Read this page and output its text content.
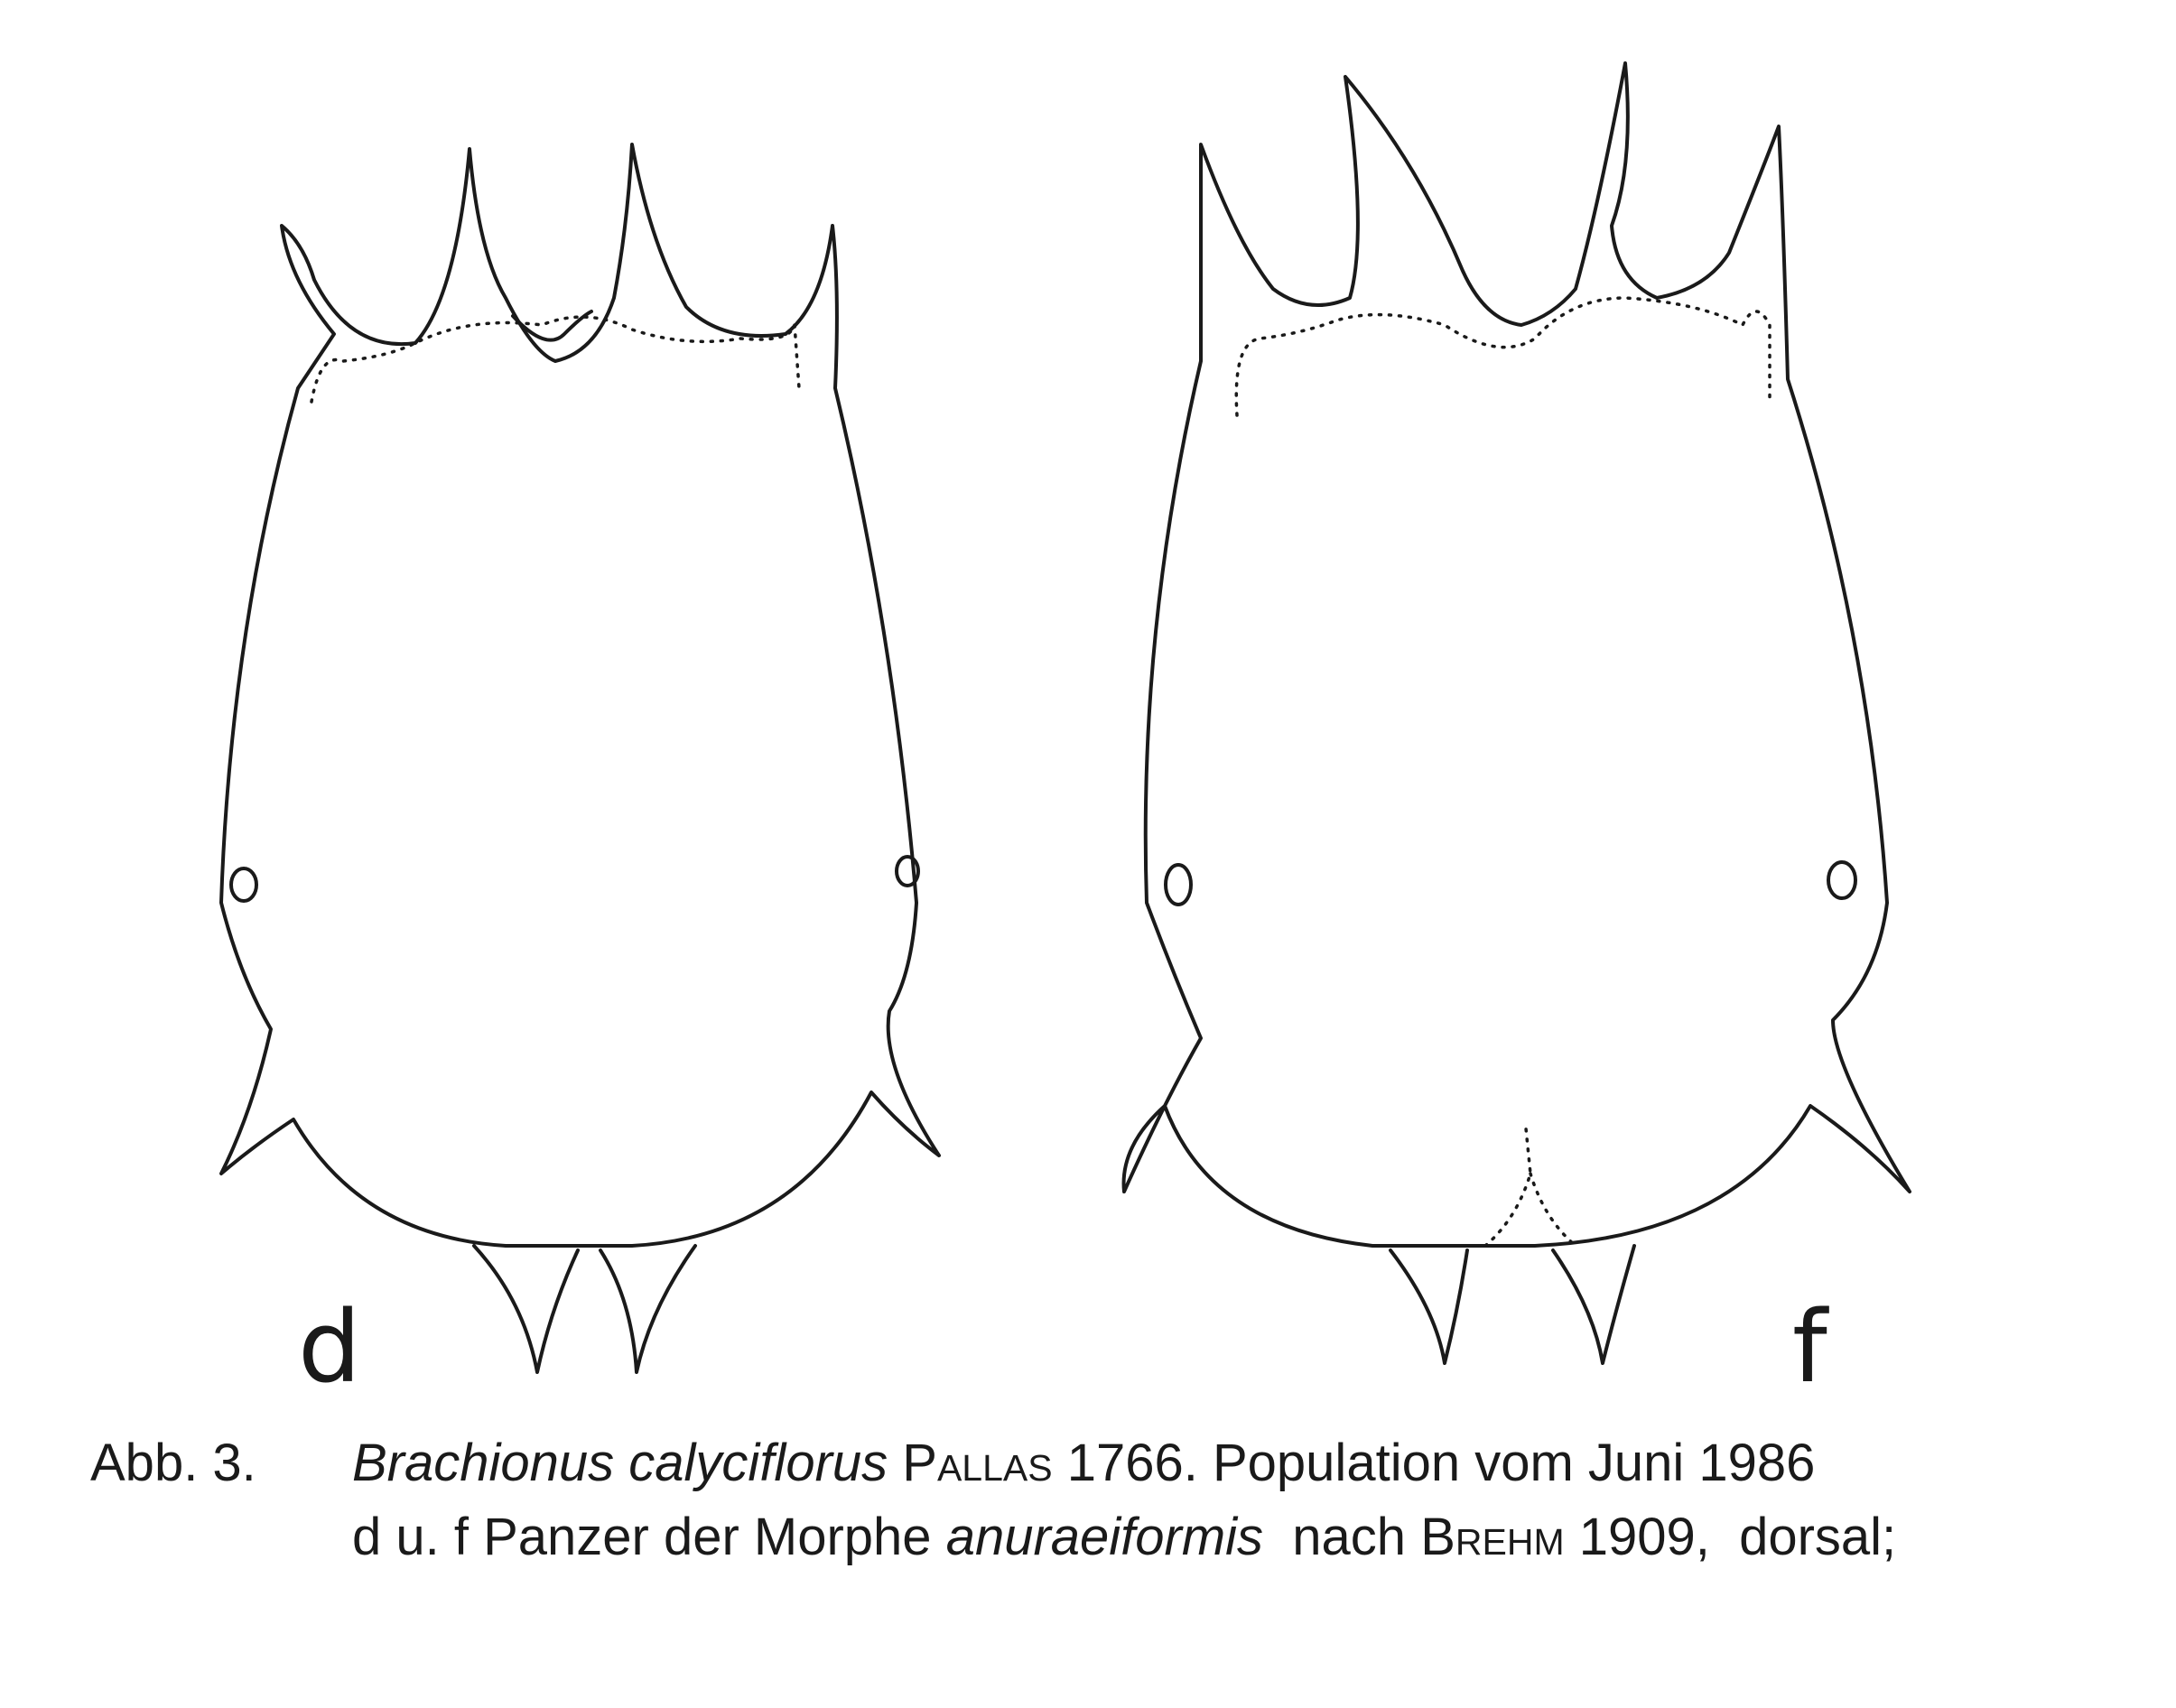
d	f
Abb. 3. Brachionus calyciflorus Pallas 1766. Population vom Juni 1986
d u. f Panzer der Morphe anuraeiformis  nach Brehm 1909,  dorsal;
